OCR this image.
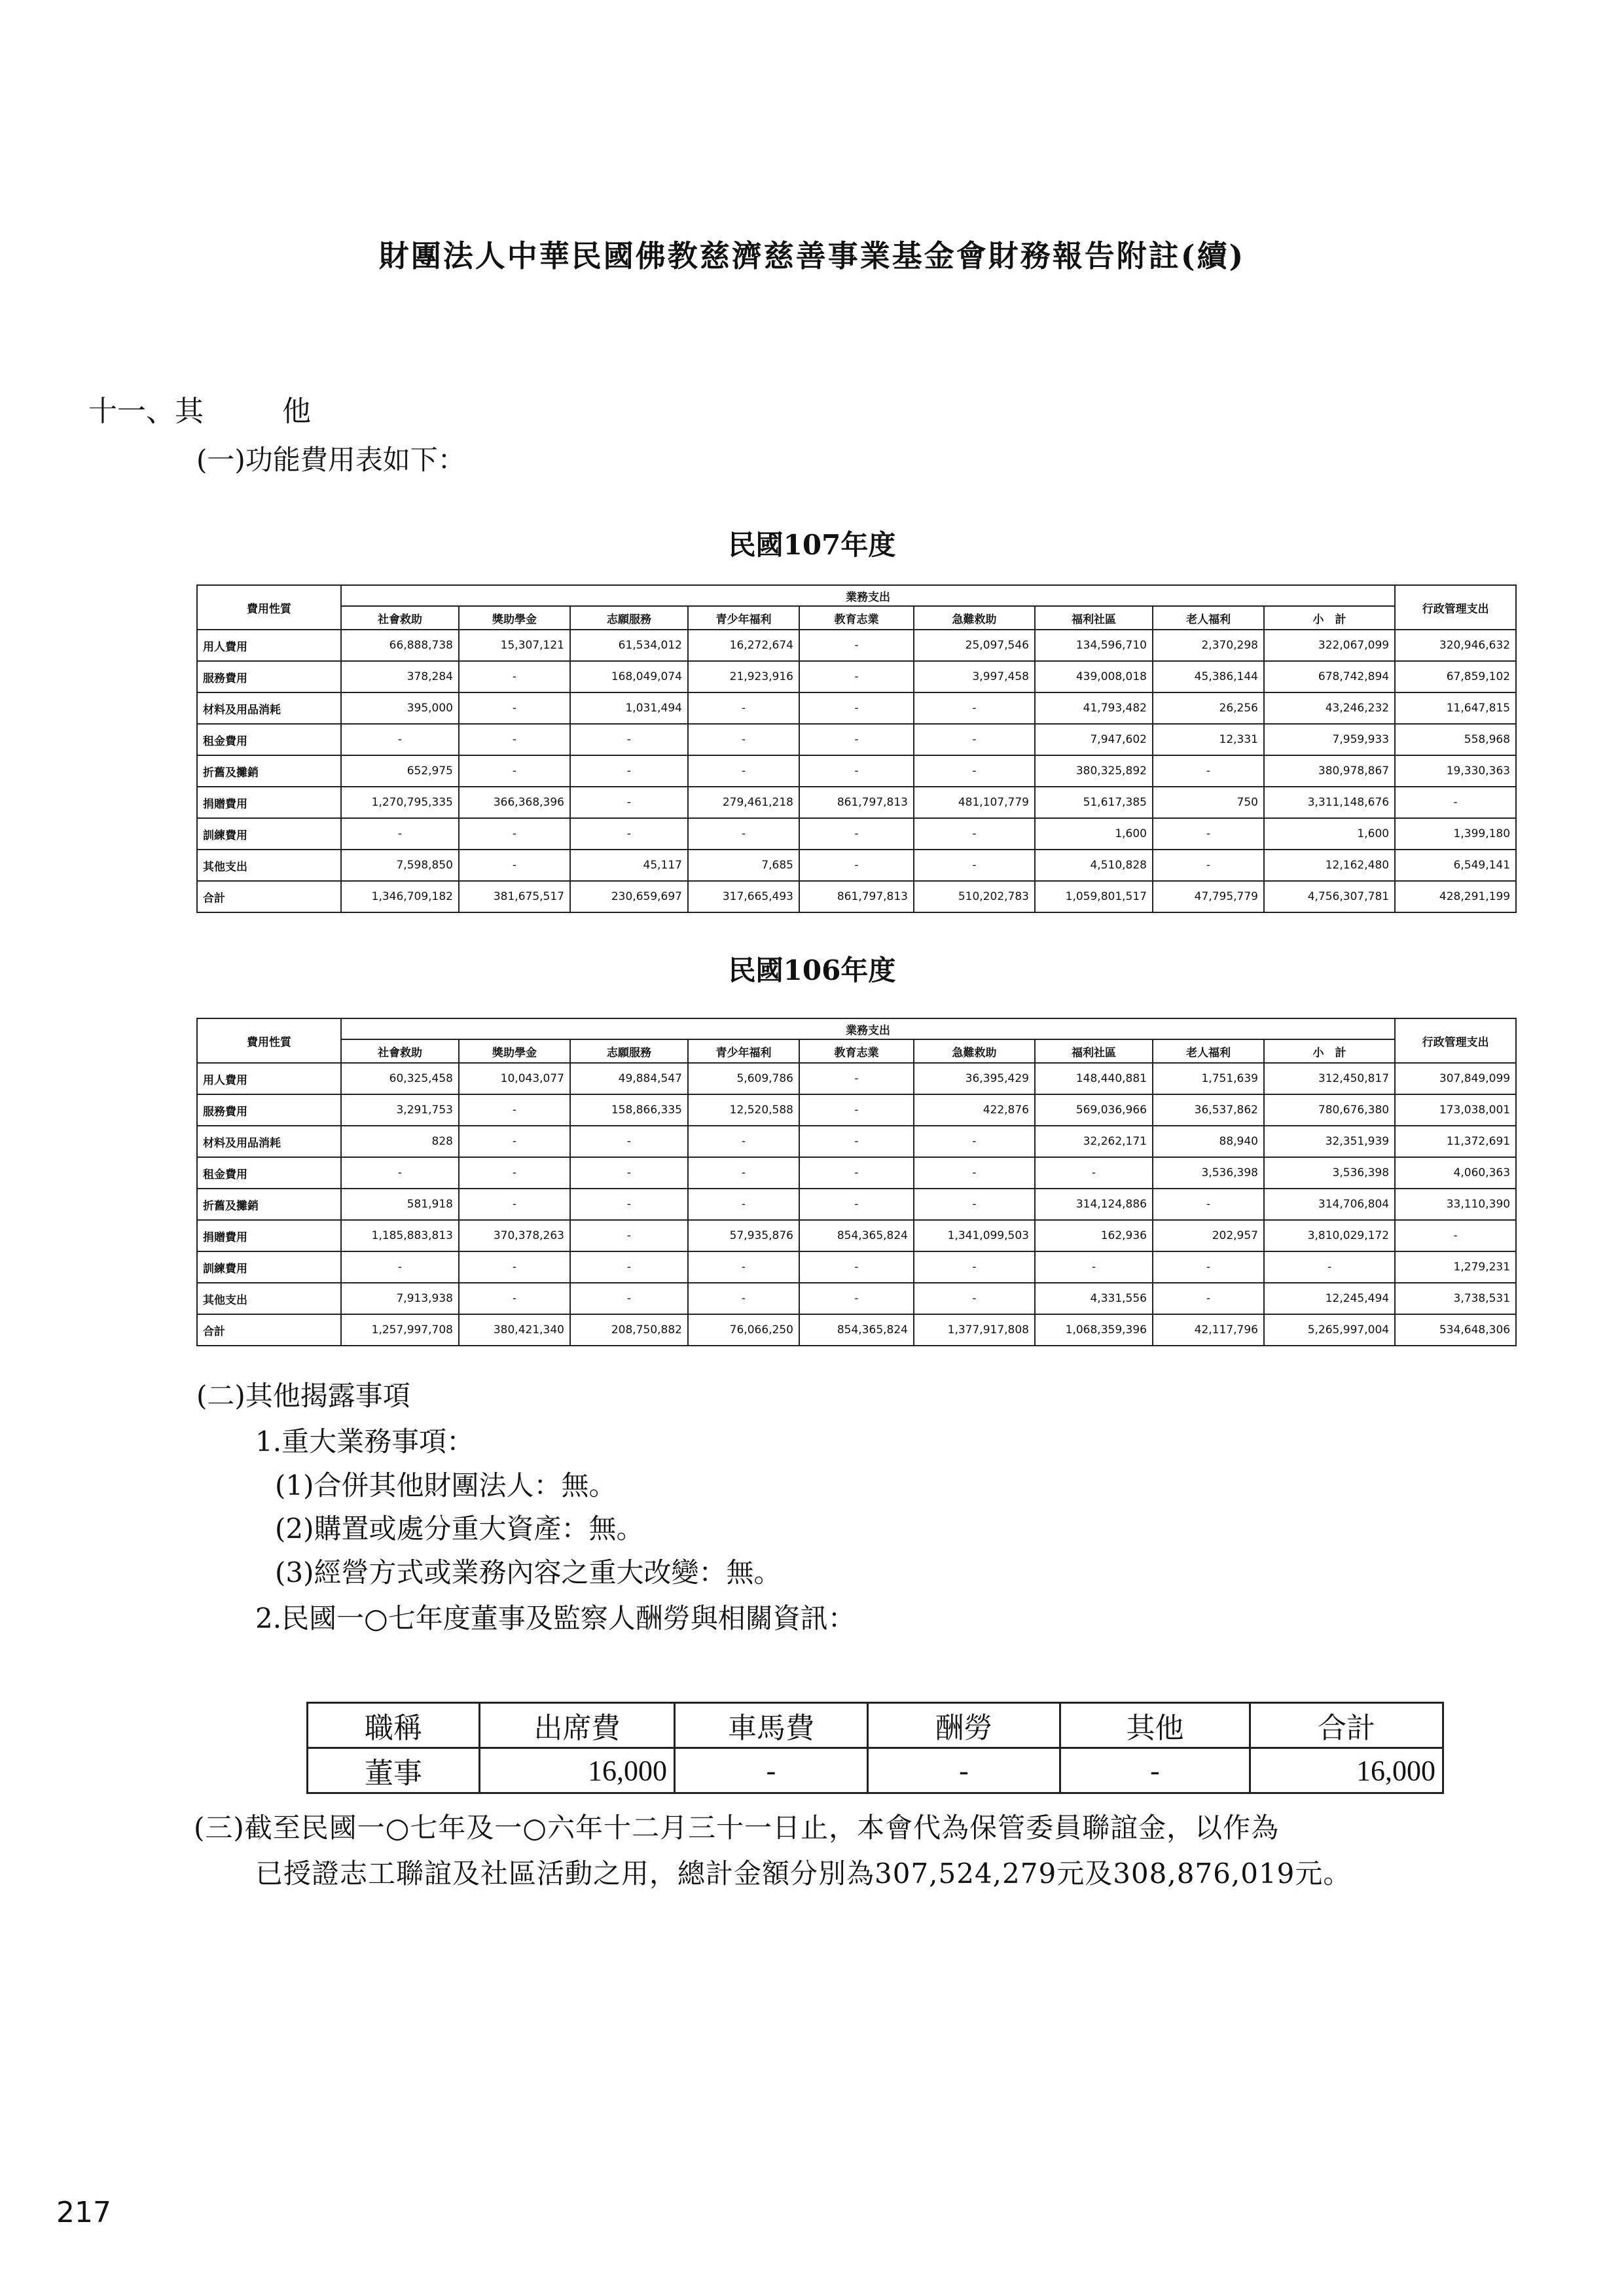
財團法人中華民國佛教慈濟慈善事業基金會財務報告附註(續)
十一、其	他
(一)功能費用表如下：
民國107年度
費用性質	業務支出									行政管理支出
	社會救助	獎助學金	志願服務	青少年福利	教育志業	急難救助	福利社區	老人福利	小　計	
用人費用	66,888,738	15,307,121	61,534,012	16,272,674	-	25,097,546	134,596,710	2,370,298	322,067,099	320,946,632
服務費用	378,284	-	168,049,074	21,923,916	-	3,997,458	439,008,018	45,386,144	678,742,894	67,859,102
材料及用品消耗	395,000	-	1,031,494	-	-	-	41,793,482	26,256	43,246,232	11,647,815
租金費用	-	-	-	-	-	-	7,947,602	12,331	7,959,933	558,968
折舊及攤銷	652,975	-	-	-	-	-	380,325,892	-	380,978,867	19,330,363
捐贈費用	1,270,795,335	366,368,396	-	279,461,218	861,797,813	481,107,779	51,617,385	750	3,311,148,676	-
訓練費用	-	-	-	-	-	-	1,600	-	1,600	1,399,180
其他支出	7,598,850	-	45,117	7,685	-	-	4,510,828	-	12,162,480	6,549,141
合計	1,346,709,182	381,675,517	230,659,697	317,665,493	861,797,813	510,202,783	1,059,801,517	47,795,779	4,756,307,781	428,291,199
民國106年度
費用性質	業務支出									行政管理支出
	社會救助	獎助學金	志願服務	青少年福利	教育志業	急難救助	福利社區	老人福利	小　計	
用人費用	60,325,458	10,043,077	49,884,547	5,609,786	-	36,395,429	148,440,881	1,751,639	312,450,817	307,849,099
服務費用	3,291,753	-	158,866,335	12,520,588	-	422,876	569,036,966	36,537,862	780,676,380	173,038,001
材料及用品消耗	828	-	-	-	-	-	32,262,171	88,940	32,351,939	11,372,691
租金費用	-	-	-	-	-	-	-	3,536,398	3,536,398	4,060,363
折舊及攤銷	581,918	-	-	-	-	-	314,124,886	-	314,706,804	33,110,390
捐贈費用	1,185,883,813	370,378,263	-	57,935,876	854,365,824	1,341,099,503	162,936	202,957	3,810,029,172	-
訓練費用	-	-	-	-	-	-	-	-	-	1,279,231
其他支出	7,913,938	-	-	-	-	-	4,331,556	-	12,245,494	3,738,531
合計	1,257,997,708	380,421,340	208,750,882	76,066,250	854,365,824	1,377,917,808	1,068,359,396	42,117,796	5,265,997,004	534,648,306
(二)其他揭露事項
1.重大業務事項：
(1)合併其他財團法人：無。
(2)購置或處分重大資產：無。
(3)經營方式或業務內容之重大改變：無。
2.民國一○七年度董事及監察人酬勞與相關資訊：
職稱	出席費	車馬費	酬勞	其他	合計
董事	16,000	-	-	-	16,000
(三)截至民國一○七年及一○六年十二月三十一日止，本會代為保管委員聯誼金，以作為
已授證志工聯誼及社區活動之用，總計金額分別為307,524,279元及308,876,019元。
217
